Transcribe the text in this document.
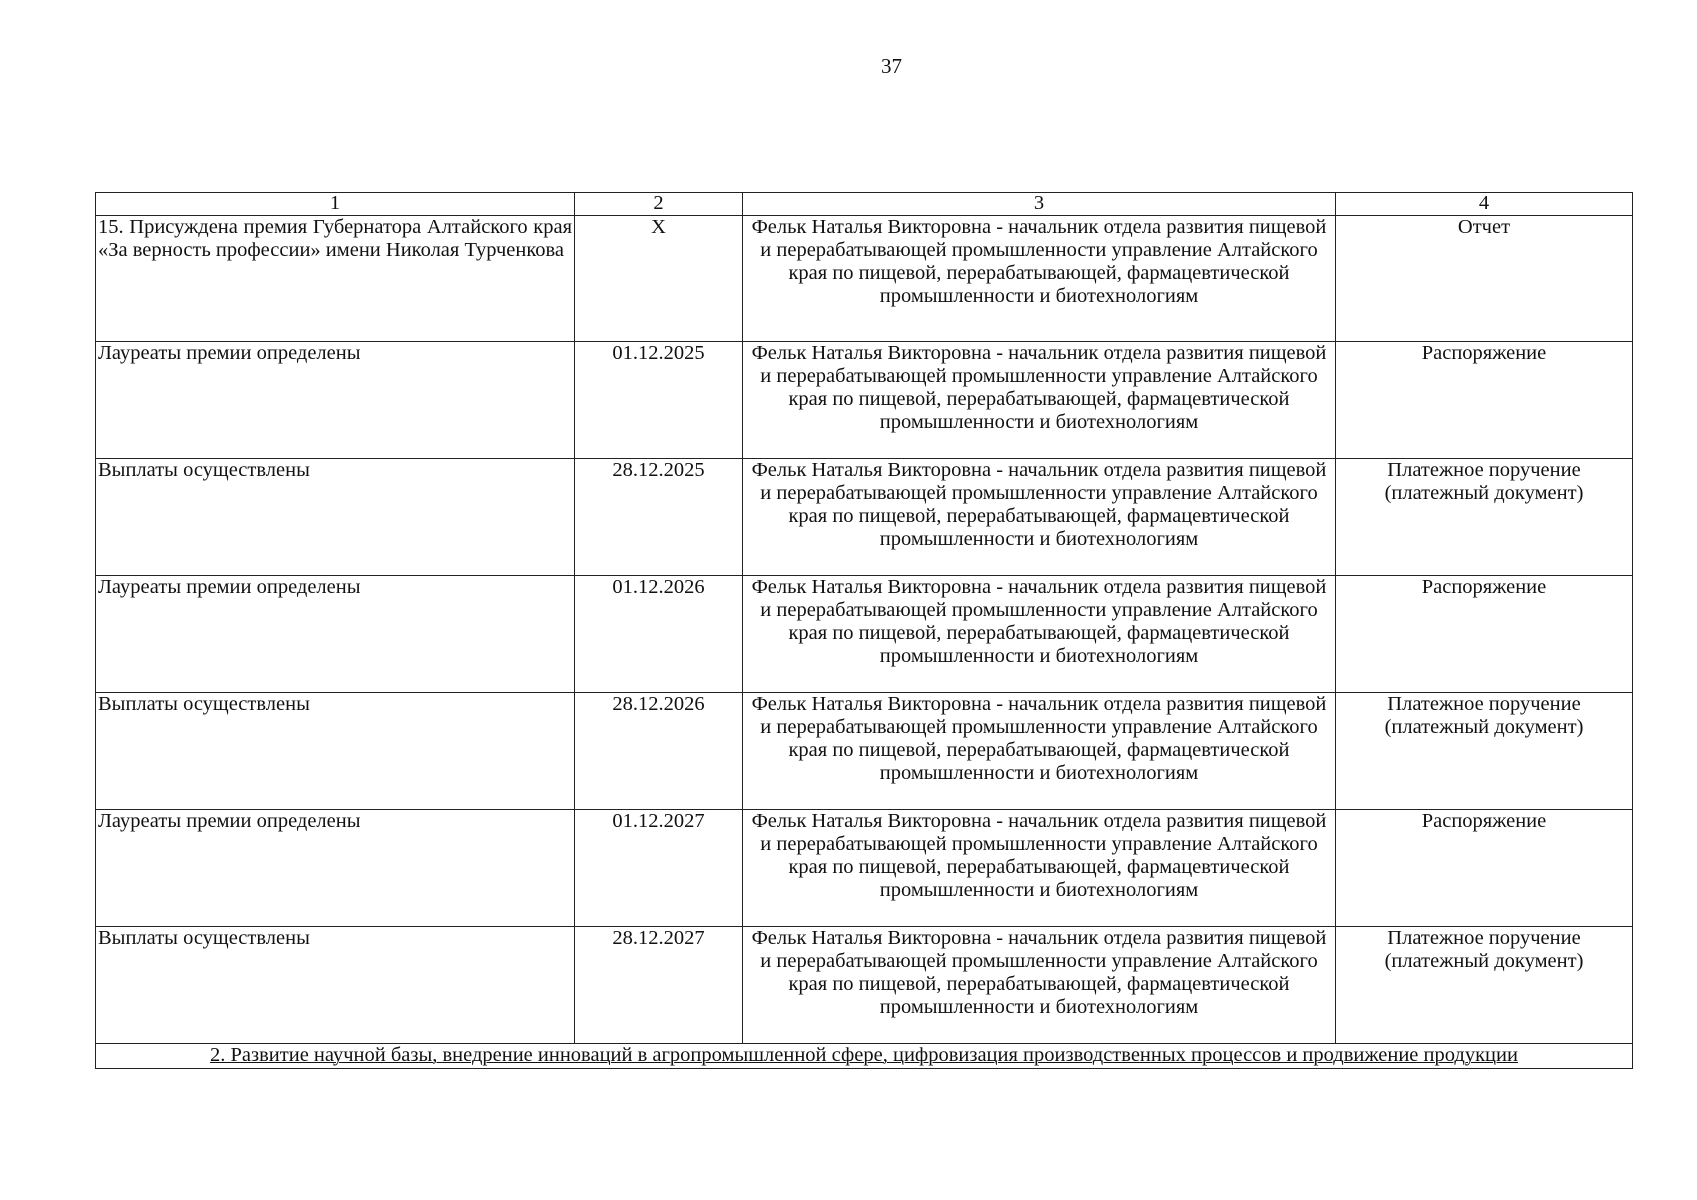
37
1	2	3	4
15. Присуждена премия Губернатора Алтайского края «За верность профессии» имени Николая Турченкова	Х	Фельк Наталья Викторовна - начальник отдела развития пищевой и перерабатывающей промышленности управление Алтайского края по пищевой, перерабатывающей, фармацевтической промышленности и биотехнологиям	Отчет
Лауреаты премии определены	01.12.2025	Фельк Наталья Викторовна - начальник отдела развития пищевой и перерабатывающей промышленности управление Алтайского края по пищевой, перерабатывающей, фармацевтической промышленности и биотехнологиям	Распоряжение
Выплаты осуществлены	28.12.2025	Фельк Наталья Викторовна - начальник отдела развития пищевой и перерабатывающей промышленности управление Алтайского края по пищевой, перерабатывающей, фармацевтической промышленности и биотехнологиям	Платежное поручение (платежный документ)
Лауреаты премии определены	01.12.2026	Фельк Наталья Викторовна - начальник отдела развития пищевой и перерабатывающей промышленности управление Алтайского края по пищевой, перерабатывающей, фармацевтической промышленности и биотехнологиям	Распоряжение
Выплаты осуществлены	28.12.2026	Фельк Наталья Викторовна - начальник отдела развития пищевой и перерабатывающей промышленности управление Алтайского края по пищевой, перерабатывающей, фармацевтической промышленности и биотехнологиям	Платежное поручение (платежный документ)
Лауреаты премии определены	01.12.2027	Фельк Наталья Викторовна - начальник отдела развития пищевой и перерабатывающей промышленности управление Алтайского края по пищевой, перерабатывающей, фармацевтической промышленности и биотехнологиям	Распоряжение
Выплаты осуществлены	28.12.2027	Фельк Наталья Викторовна - начальник отдела развития пищевой и перерабатывающей промышленности управление Алтайского края по пищевой, перерабатывающей, фармацевтической промышленности и биотехнологиям	Платежное поручение (платежный документ)
2. Развитие научной базы, внедрение инноваций в агропромышленной сфере, цифровизация производственных процессов и продвижение продукции			
